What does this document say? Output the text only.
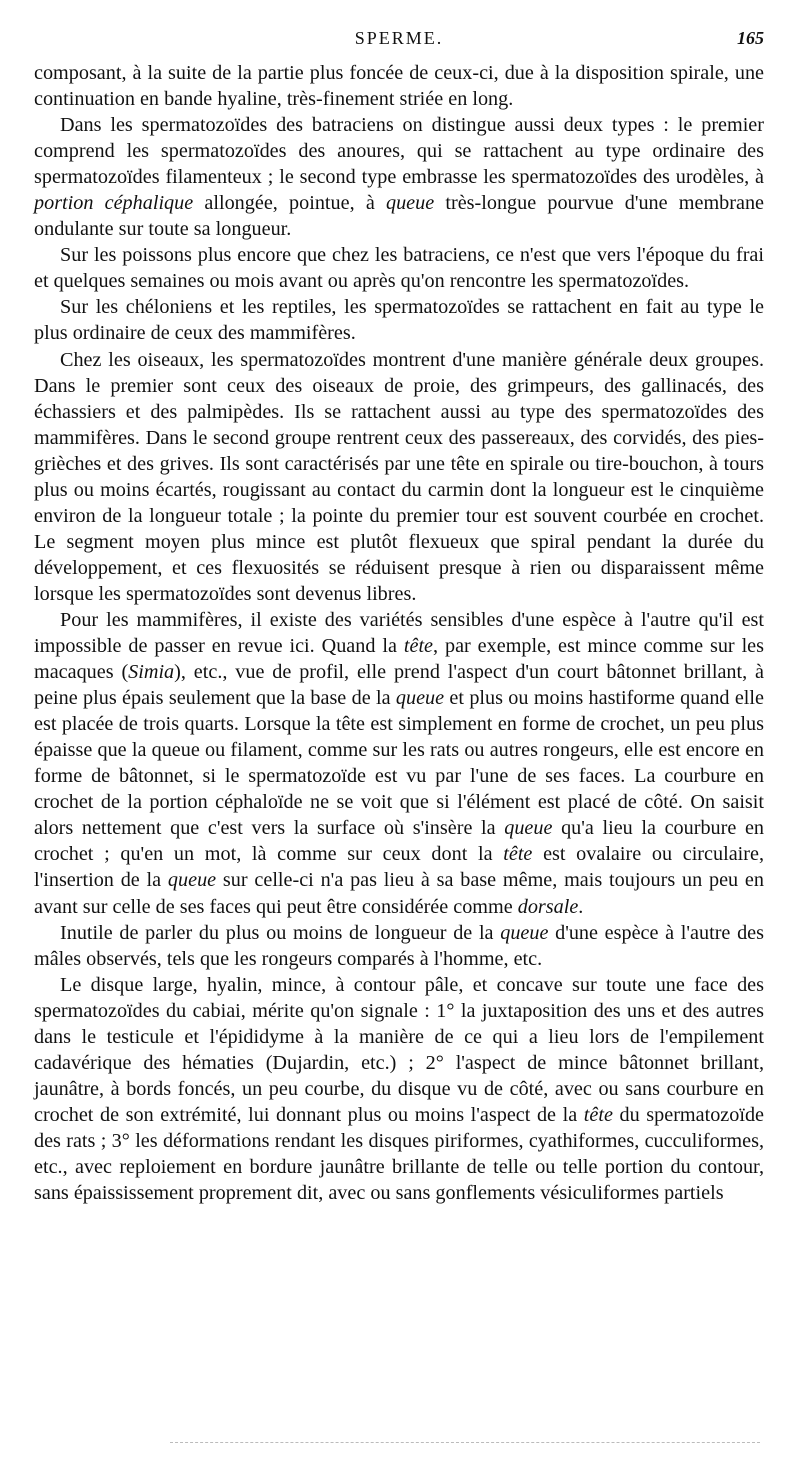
SPERME.	165

composant, à la suite de la partie plus foncée de ceux-ci, due à la disposition spirale, une continuation en bande hyaline, très-finement striée en long.

Dans les spermatozoïdes des batraciens on distingue aussi deux types : le premier comprend les spermatozoïdes des anoures, qui se rattachent au type ordinaire des spermatozoïdes filamenteux ; le second type embrasse les spermatozoïdes des urodèles, à portion céphalique allongée, pointue, à queue très-longue pourvue d'une membrane ondulante sur toute sa longueur.

Sur les poissons plus encore que chez les batraciens, ce n'est que vers l'époque du frai et quelques semaines ou mois avant ou après qu'on rencontre les spermatozoïdes.

Sur les chéloniens et les reptiles, les spermatozoïdes se rattachent en fait au type le plus ordinaire de ceux des mammifères.

Chez les oiseaux, les spermatozoïdes montrent d'une manière générale deux groupes. Dans le premier sont ceux des oiseaux de proie, des grimpeurs, des gallinacés, des échassiers et des palmipèdes. Ils se rattachent aussi au type des spermatozoïdes des mammifères. Dans le second groupe rentrent ceux des passereaux, des corvidés, des pies-grièches et des grives. Ils sont caractérisés par une tête en spirale ou tire-bouchon, à tours plus ou moins écartés, rougissant au contact du carmin dont la longueur est le cinquième environ de la longueur totale ; la pointe du premier tour est souvent courbée en crochet. Le segment moyen plus mince est plutôt flexueux que spiral pendant la durée du développement, et ces flexuosités se réduisent presque à rien ou disparaissent même lorsque les spermatozoïdes sont devenus libres.

Pour les mammifères, il existe des variétés sensibles d'une espèce à l'autre qu'il est impossible de passer en revue ici. Quand la tête, par exemple, est mince comme sur les macaques (Simia), etc., vue de profil, elle prend l'aspect d'un court bâtonnet brillant, à peine plus épais seulement que la base de la queue et plus ou moins hastiforme quand elle est placée de trois quarts. Lorsque la tête est simplement en forme de crochet, un peu plus épaisse que la queue ou filament, comme sur les rats ou autres rongeurs, elle est encore en forme de bâtonnet, si le spermatozoïde est vu par l'une de ses faces. La courbure en crochet de la portion céphaloïde ne se voit que si l'élément est placé de côté. On saisit alors nettement que c'est vers la surface où s'insère la queue qu'a lieu la courbure en crochet ; qu'en un mot, là comme sur ceux dont la tête est ovalaire ou circulaire, l'insertion de la queue sur celle-ci n'a pas lieu à sa base même, mais toujours un peu en avant sur celle de ses faces qui peut être considérée comme dorsale.

Inutile de parler du plus ou moins de longueur de la queue d'une espèce à l'autre des mâles observés, tels que les rongeurs comparés à l'homme, etc.

Le disque large, hyalin, mince, à contour pâle, et concave sur toute une face des spermatozoïdes du cabiai, mérite qu'on signale : 1° la juxtaposition des uns et des autres dans le testicule et l'épididyme à la manière de ce qui a lieu lors de l'empilement cadavérique des hématies (Dujardin, etc.) ; 2° l'aspect de mince bâtonnet brillant, jaunâtre, à bords foncés, un peu courbe, du disque vu de côté, avec ou sans courbure en crochet de son extrémité, lui donnant plus ou moins l'aspect de la tête du spermatozoïde des rats ; 3° les déformations rendant les disques piriformes, cyathiformes, cucculiformes, etc., avec reploiement en bordure jaunâtre brillante de telle ou telle portion du contour, sans épaississement proprement dit, avec ou sans gonflements vésiculiformes partiels
